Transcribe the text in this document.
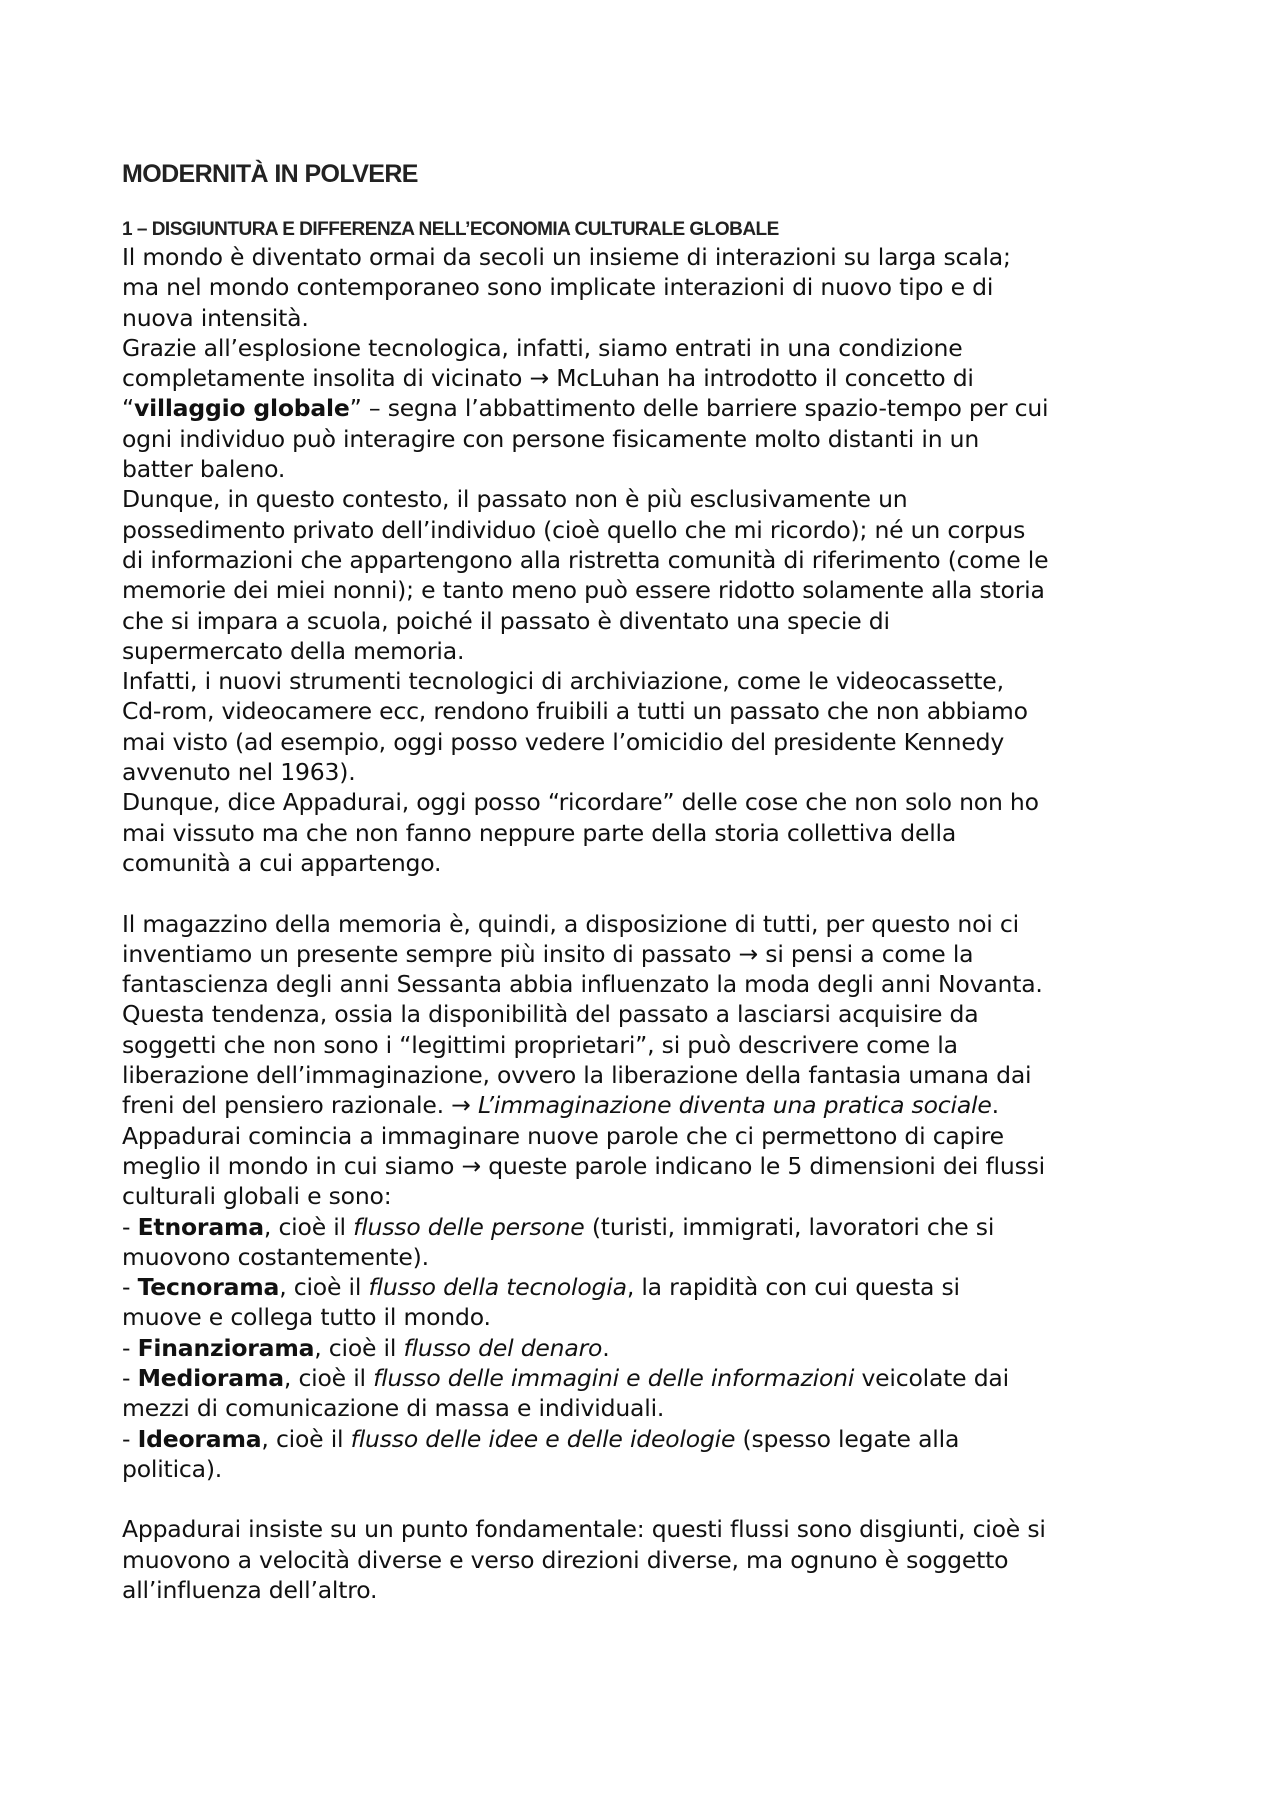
MODERNITÀ IN POLVERE
1 – DISGIUNTURA E DIFFERENZA NELL’ECONOMIA CULTURALE GLOBALE
Il mondo è diventato ormai da secoli un insieme di interazioni su larga scala;
ma nel mondo contemporaneo sono implicate interazioni di nuovo tipo e di
nuova intensità.
Grazie all’esplosione tecnologica, infatti, siamo entrati in una condizione
completamente insolita di vicinato → McLuhan ha introdotto il concetto di
“villaggio globale” – segna l’abbattimento delle barriere spazio-tempo per cui
ogni individuo può interagire con persone fisicamente molto distanti in un
batter baleno.
Dunque, in questo contesto, il passato non è più esclusivamente un
possedimento privato dell’individuo (cioè quello che mi ricordo); né un corpus
di informazioni che appartengono alla ristretta comunità di riferimento (come le
memorie dei miei nonni); e tanto meno può essere ridotto solamente alla storia
che si impara a scuola, poiché il passato è diventato una specie di
supermercato della memoria.
Infatti, i nuovi strumenti tecnologici di archiviazione, come le videocassette,
Cd-rom, videocamere ecc, rendono fruibili a tutti un passato che non abbiamo
mai visto (ad esempio, oggi posso vedere l’omicidio del presidente Kennedy
avvenuto nel 1963).
Dunque, dice Appadurai, oggi posso “ricordare” delle cose che non solo non ho
mai vissuto ma che non fanno neppure parte della storia collettiva della
comunità a cui appartengo.
Il magazzino della memoria è, quindi, a disposizione di tutti, per questo noi ci
inventiamo un presente sempre più insito di passato → si pensi a come la
fantascienza degli anni Sessanta abbia influenzato la moda degli anni Novanta.
Questa tendenza, ossia la disponibilità del passato a lasciarsi acquisire da
soggetti che non sono i “legittimi proprietari”, si può descrivere come la
liberazione dell’immaginazione, ovvero la liberazione della fantasia umana dai
freni del pensiero razionale. → L’immaginazione diventa una pratica sociale.
Appadurai comincia a immaginare nuove parole che ci permettono di capire
meglio il mondo in cui siamo → queste parole indicano le 5 dimensioni dei flussi
culturali globali e sono:
- Etnorama, cioè il flusso delle persone (turisti, immigrati, lavoratori che si
muovono costantemente).
- Tecnorama, cioè il flusso della tecnologia, la rapidità con cui questa si
muove e collega tutto il mondo.
- Finanziorama, cioè il flusso del denaro.
- Mediorama, cioè il flusso delle immagini e delle informazioni veicolate dai
mezzi di comunicazione di massa e individuali.
- Ideorama, cioè il flusso delle idee e delle ideologie (spesso legate alla
politica).
Appadurai insiste su un punto fondamentale: questi flussi sono disgiunti, cioè si
muovono a velocità diverse e verso direzioni diverse, ma ognuno è soggetto
all’influenza dell’altro.
